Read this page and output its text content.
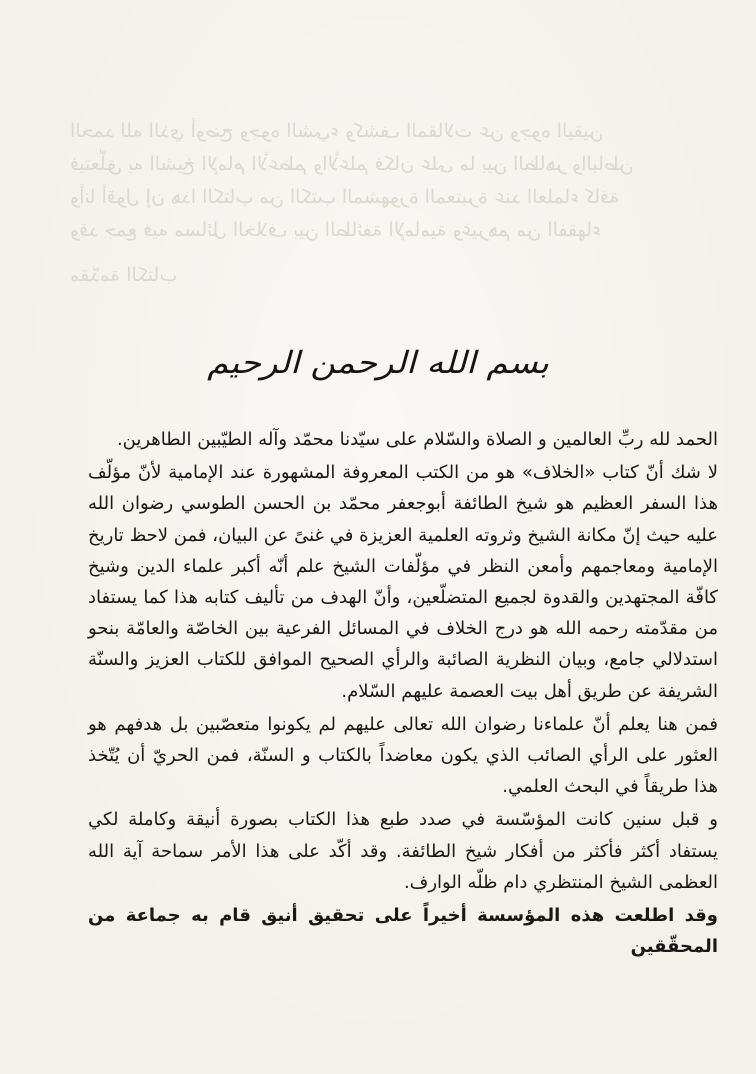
الحمد لله الذي أوضح وجوه الشيء وكشف المقالات عن وجوه اليقين
فيتعلّق به الشيخ الإمام الأعظم والأعلم فكان على ما بين الظاهر والباطن
وأنا أقول إن هذا الكتاب من الكتب المشهورة المعتبرة عند العلماء كافة
وقد جمع فيه مسائل الخلاف بين الطائفة الإمامية وغيرهم من الفقهاء
مقدّمة الكتاب
بسم الله الرحمن الرحيم

الحمد لله ربِّ العالمين و الصلاة والسّلام على سيّدنا محمّد وآله الطيّبين الطاهرين.

لا شك أنّ كتاب «الخلاف» هو من الكتب المعروفة المشهورة عند الإمامية لأنّ مؤلّف هذا السفر العظيم هو شيخ الطائفة أبوجعفر محمّد بن الحسن الطوسي رضوان الله عليه حيث إنّ مكانة الشيخ وثروته العلمية العزيزة في غنىً عن البيان، فمن لاحظ تاريخ الإمامية ومعاجمهم وأمعن النظر في مؤلّفات الشيخ علم أنّه أكبر علماء الدين وشيخ كافّة المجتهدين والقدوة لجميع المتضلّعين، وأنّ الهدف من تأليف كتابه هذا كما يستفاد من مقدّمته رحمه الله هو درج الخلاف في المسائل الفرعية بين الخاصّة والعامّة بنحو استدلالي جامع، وبيان النظرية الصائبة والرأي الصحيح الموافق للكتاب العزيز والسنّة الشريفة عن طريق أهل بيت العصمة عليهم السّلام.

فمن هنا يعلم أنّ علماءنا رضوان الله تعالى عليهم لم يكونوا متعصّبين بل هدفهم هو العثور على الرأي الصائب الذي يكون معاضداً بالكتاب و السنّة، فمن الحريّ أن يُتّخذ هذا طريقاً في البحث العلمي.

و قبل سنين كانت المؤسّسة في صدد طبع هذا الكتاب بصورة أنيقة وكاملة لكي يستفاد أكثر فأكثر من أفكار شيخ الطائفة. وقد أكّد على هذا الأمر سماحة آية الله العظمى الشيخ المنتظري دام ظلّه الوارف.

وقد اطلعت هذه المؤسسة أخيراً على تحقيق أنيق قام به جماعة من المحقّقين
